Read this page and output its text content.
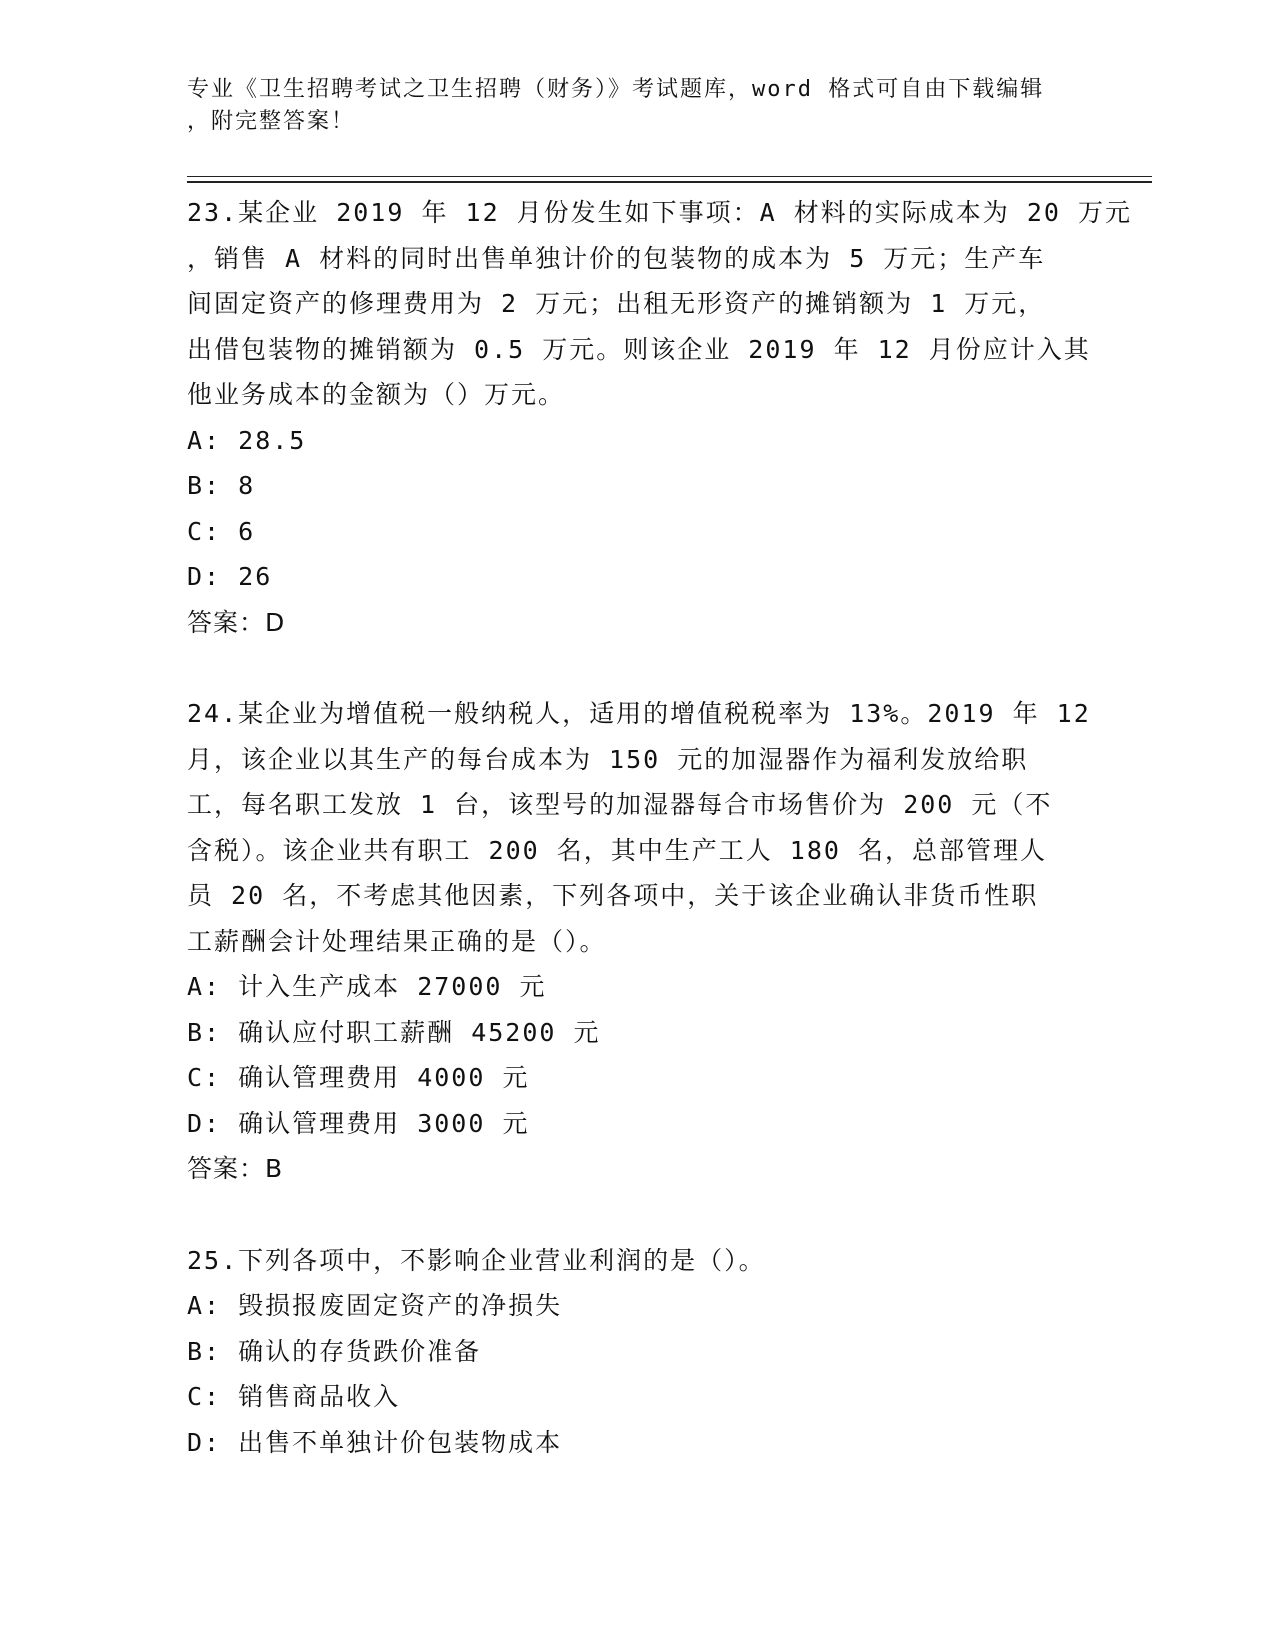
专业《卫生招聘考试之卫生招聘（财务）》考试题库，word 格式可自由下载编辑
，附完整答案！
23.某企业 2019 年 12 月份发生如下事项：A 材料的实际成本为 20 万元
，销售 A 材料的同时出售单独计价的包装物的成本为 5 万元；生产车
间固定资产的修理费用为 2 万元；出租无形资产的摊销额为 1 万元，
出借包装物的摊销额为 0.5 万元。则该企业 2019 年 12 月份应计入其
他业务成本的金额为（）万元。
A: 28.5
B: 8
C: 6
D: 26
答案：D
24.某企业为增值税一般纳税人，适用的增值税税率为 13%。2019 年 12
月，该企业以其生产的每台成本为 150 元的加湿器作为福利发放给职
工，每名职工发放 1 台，该型号的加湿器每合市场售价为 200 元（不
含税）。该企业共有职工 200 名，其中生产工人 180 名，总部管理人
员 20 名，不考虑其他因素，下列各项中，关于该企业确认非货币性职
工薪酬会计处理结果正确的是（）。
A: 计入生产成本 27000 元
B: 确认应付职工薪酬 45200 元
C: 确认管理费用 4000 元
D: 确认管理费用 3000 元
答案：B
25.下列各项中，不影响企业营业利润的是（）。
A: 毁损报废固定资产的净损失
B: 确认的存货跌价准备
C: 销售商品收入
D: 出售不单独计价包装物成本
